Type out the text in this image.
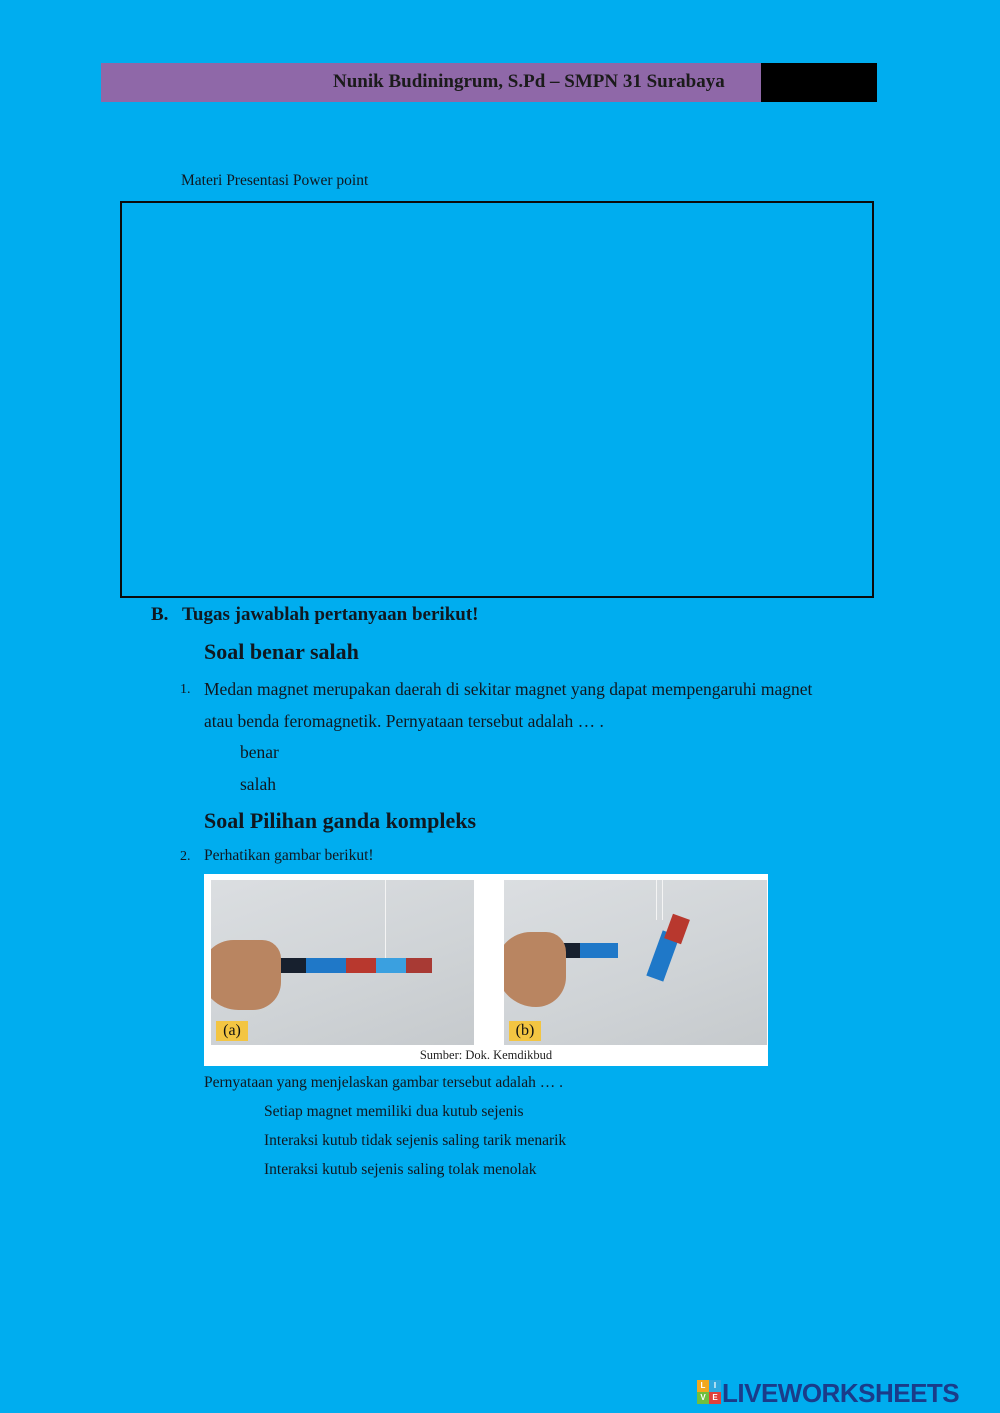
Nunik Budiningrum, S.Pd – SMPN 31 Surabaya
Materi Presentasi Power point
B. Tugas jawablah pertanyaan berikut!
Soal benar salah
1. Medan magnet merupakan daerah di sekitar magnet yang dapat mempengaruhi magnet
atau benda feromagnetik. Pernyataan tersebut adalah … .
benar
salah
Soal Pilihan ganda kompleks
2. Perhatikan gambar berikut!
(a)	(b)
Sumber: Dok. Kemdikbud
Pernyataan yang menjelaskan gambar tersebut adalah … .
Setiap magnet memiliki dua kutub sejenis
Interaksi kutub tidak sejenis saling tarik menarik
Interaksi kutub sejenis saling tolak menolak
L	I
V E LIVEWORKSHEETS
